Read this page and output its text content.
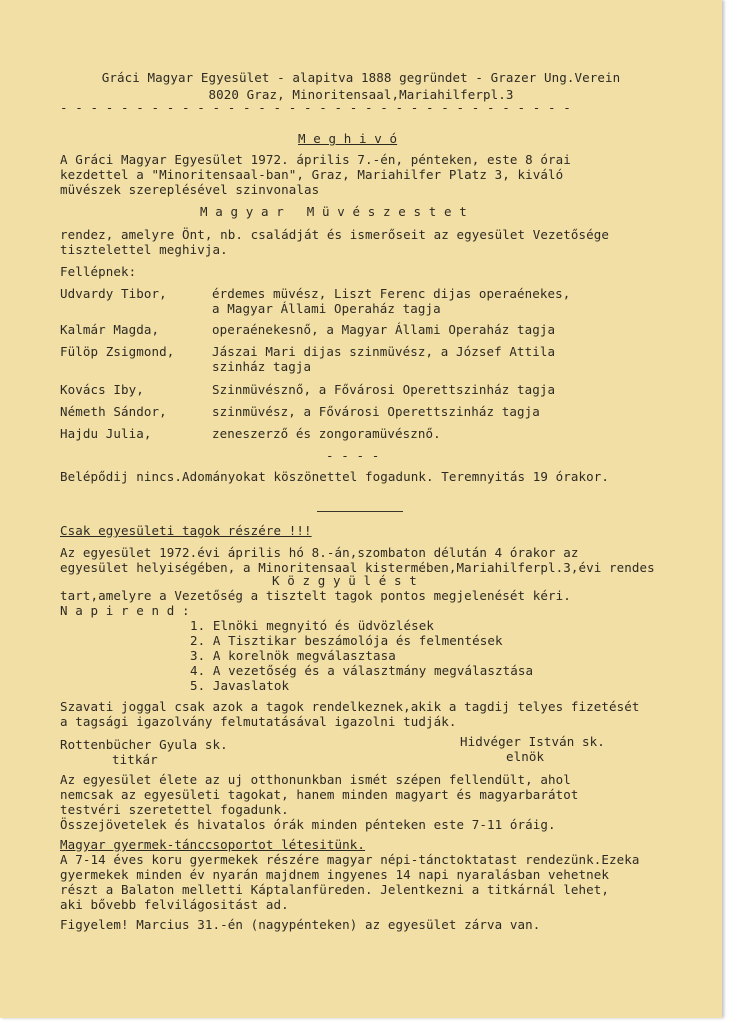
Gráci Magyar Egyesület - alapitva 1888 gegründet - Grazer Ung.Verein
8020 Graz, Minoritensaal,Mariahilferpl.3
- - - - - - - - - - - - - - - - - - - - - - - - - - - - - - - - - -
M e g h i v ó
A Gráci Magyar Egyesület 1972. április 7.-én, pénteken, este 8 órai
kezdettel a "Minoritensaal-ban", Graz, Mariahilfer Platz 3, kiváló
müvészek szereplésével szinvonalas
M a g y a r   M ü v é s z e s t e t
rendez, amelyre Önt, nb. családját és ismerőseit az egyesület Vezetősége
tisztelettel meghivja.
Fellépnek:
Udvardy Tibor,	érdemes müvész, Liszt Ferenc dijas operaénekes,
a Magyar Állami Operaház tagja
Kalmár Magda,	operaénekesnő, a Magyar Állami Operaház tagja
Fülöp Zsigmond,	Jászai Mari dijas szinmüvész, a József Attila
szinház tagja
Kovács Iby,	Szinmüvésznő, a Fővárosi Operettszinház tagja
Németh Sándor,	szinmüvész, a Fővárosi Operettszinház tagja
Hajdu Julia,	zeneszerző és zongoramüvésznő.
- - - -
Belépődij nincs.Adományokat köszönettel fogadunk. Teremnyitás 19 órakor.
Csak egyesületi tagok részére !!!
Az egyesület 1972.évi április hó 8.-án,szombaton délután 4 órakor az
egyesület helyiségében, a Minoritensaal kistermében,Mariahilferpl.3,évi rendes
K ö z g y ü l é s t
tart,amelyre a Vezetőség a tisztelt tagok pontos megjelenését kéri.
N a p i r e n d :
1. Elnöki megnyitó és üdvözlések
2. A Tisztikar beszámolója és felmentések
3. A korelnök megválasztasa
4. A vezetőség és a választmány megválasztása
5. Javaslatok
Szavati joggal csak azok a tagok rendelkeznek,akik a tagdij telyes fizetését
a tagsági igazolvány felmutatásával igazolni tudják.
Rottenbücher Gyula sk.
titkár
Hidvéger István sk.
elnök
Az egyesület élete az uj otthonunkban ismét szépen fellendült, ahol
nemcsak az egyesületi tagokat, hanem minden magyart és magyarbarátot
testvéri szeretettel fogadunk.
Összejövetelek és hivatalos órák minden pénteken este 7-11 óráig.
Magyar gyermek-tánccsoportot létesitünk.
A 7-14 éves koru gyermekek részére magyar népi-tánctoktatast rendezünk.Ezeka
gyermekek minden év nyarán majdnem ingyenes 14 napi nyaralásban vehetnek
részt a Balaton melletti Káptalanfüreden. Jelentkezni a titkárnál lehet,
aki bővebb felvilágositást ad.
Figyelem! Marcius 31.-én (nagypénteken) az egyesület zárva van.
